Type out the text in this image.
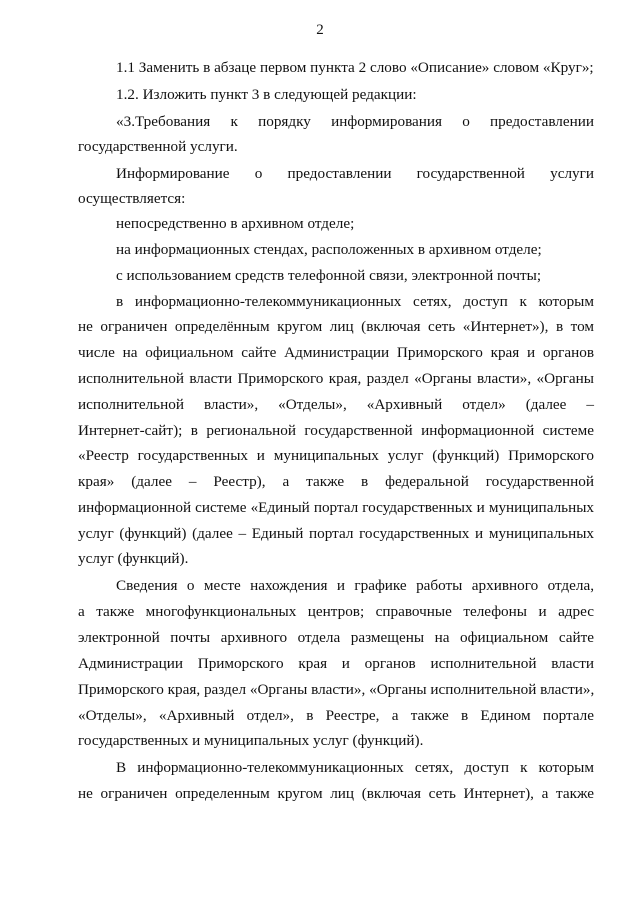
2
1.1 Заменить в абзаце первом пункта 2 слово «Описание» словом «Круг»;
1.2. Изложить пункт 3 в следующей редакции:
«3.Требования к порядку информирования о предоставлении
государственной услуги.
Информирование о предоставлении государственной услуги
осуществляется:
непосредственно в архивном отделе;
на информационных стендах, расположенных в архивном отделе;
с использованием средств телефонной связи, электронной почты;
в информационно-телекоммуникационных сетях, доступ к которым
не ограничен определённым кругом лиц (включая сеть «Интернет»), в том
числе на официальном сайте Администрации Приморского края и органов
исполнительной власти Приморского края, раздел «Органы власти», «Органы
исполнительной власти», «Отделы», «Архивный отдел» (далее –
Интернет-сайт); в региональной государственной информационной системе
«Реестр государственных и муниципальных услуг (функций) Приморского
края» (далее – Реестр), а также в федеральной государственной
информационной системе «Единый портал государственных и муниципальных
услуг (функций) (далее – Единый портал государственных и муниципальных
услуг (функций).
Сведения о месте нахождения и графике работы архивного отдела,
а также многофункциональных центров; справочные телефоны и адрес
электронной почты архивного отдела размещены на официальном сайте
Администрации Приморского края и органов исполнительной власти
Приморского края, раздел «Органы власти», «Органы исполнительной власти»,
«Отделы», «Архивный отдел», в Реестре, а также в Едином портале
государственных и муниципальных услуг (функций).
В информационно-телекоммуникационных сетях, доступ к которым
не ограничен определенным кругом лиц (включая сеть Интернет), а также
